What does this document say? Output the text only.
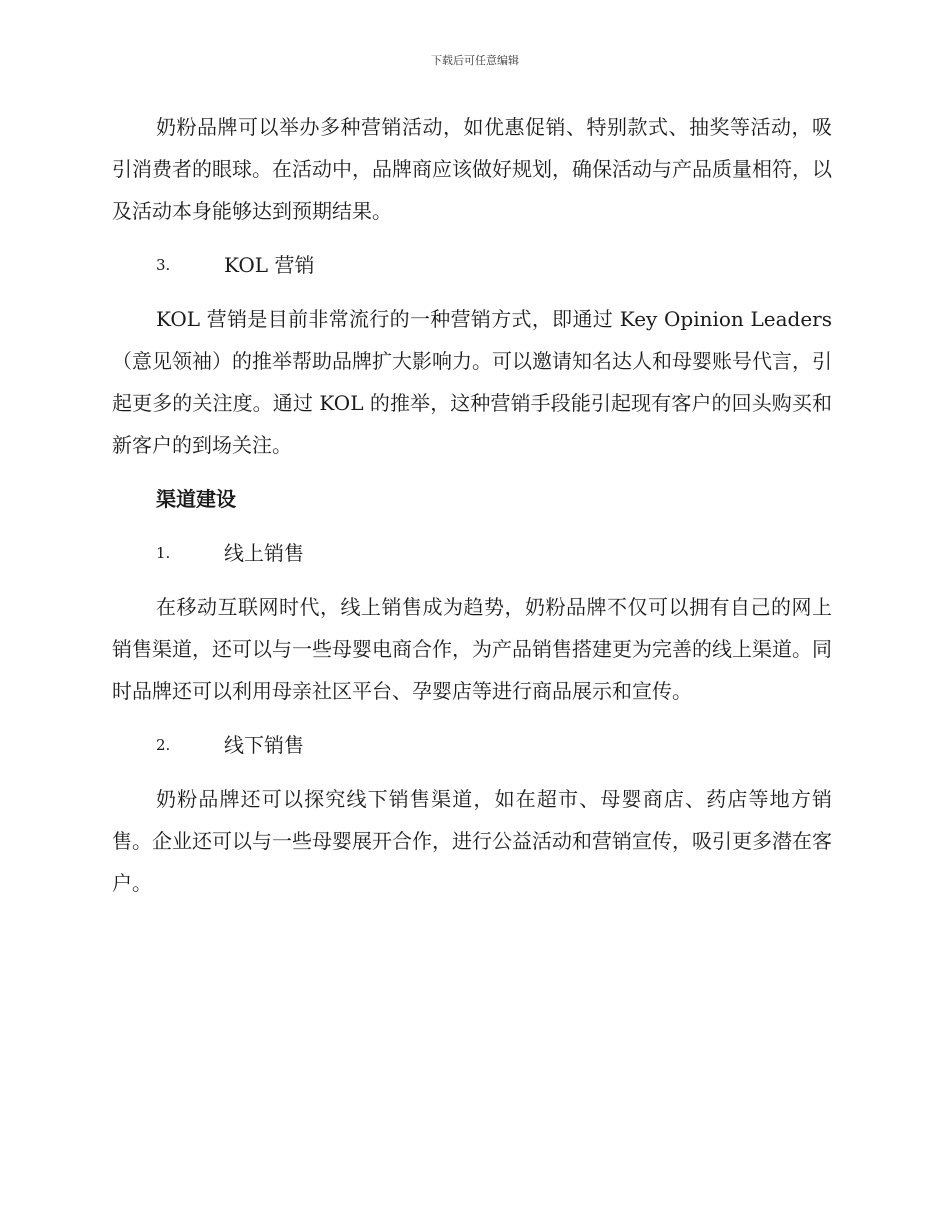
下载后可任意编辑

奶粉品牌可以举办多种营销活动，如优惠促销、特别款式、抽奖等活动，吸引消费者的眼球。在活动中，品牌商应该做好规划，确保活动与产品质量相符，以及活动本身能够达到预期结果。

3.	KOL 营销

KOL 营销是目前非常流行的一种营销方式，即通过 Key Opinion Leaders（意见领袖）的推举帮助品牌扩大影响力。可以邀请知名达人和母婴账号代言，引起更多的关注度。通过 KOL 的推举，这种营销手段能引起现有客户的回头购买和新客户的到场关注。

渠道建设
1.	线上销售

在移动互联网时代，线上销售成为趋势，奶粉品牌不仅可以拥有自己的网上销售渠道，还可以与一些母婴电商合作，为产品销售搭建更为完善的线上渠道。同时品牌还可以利用母亲社区平台、孕婴店等进行商品展示和宣传。

2.	线下销售

奶粉品牌还可以探究线下销售渠道，如在超市、母婴商店、药店等地方销售。企业还可以与一些母婴展开合作，进行公益活动和营销宣传，吸引更多潜在客户。
